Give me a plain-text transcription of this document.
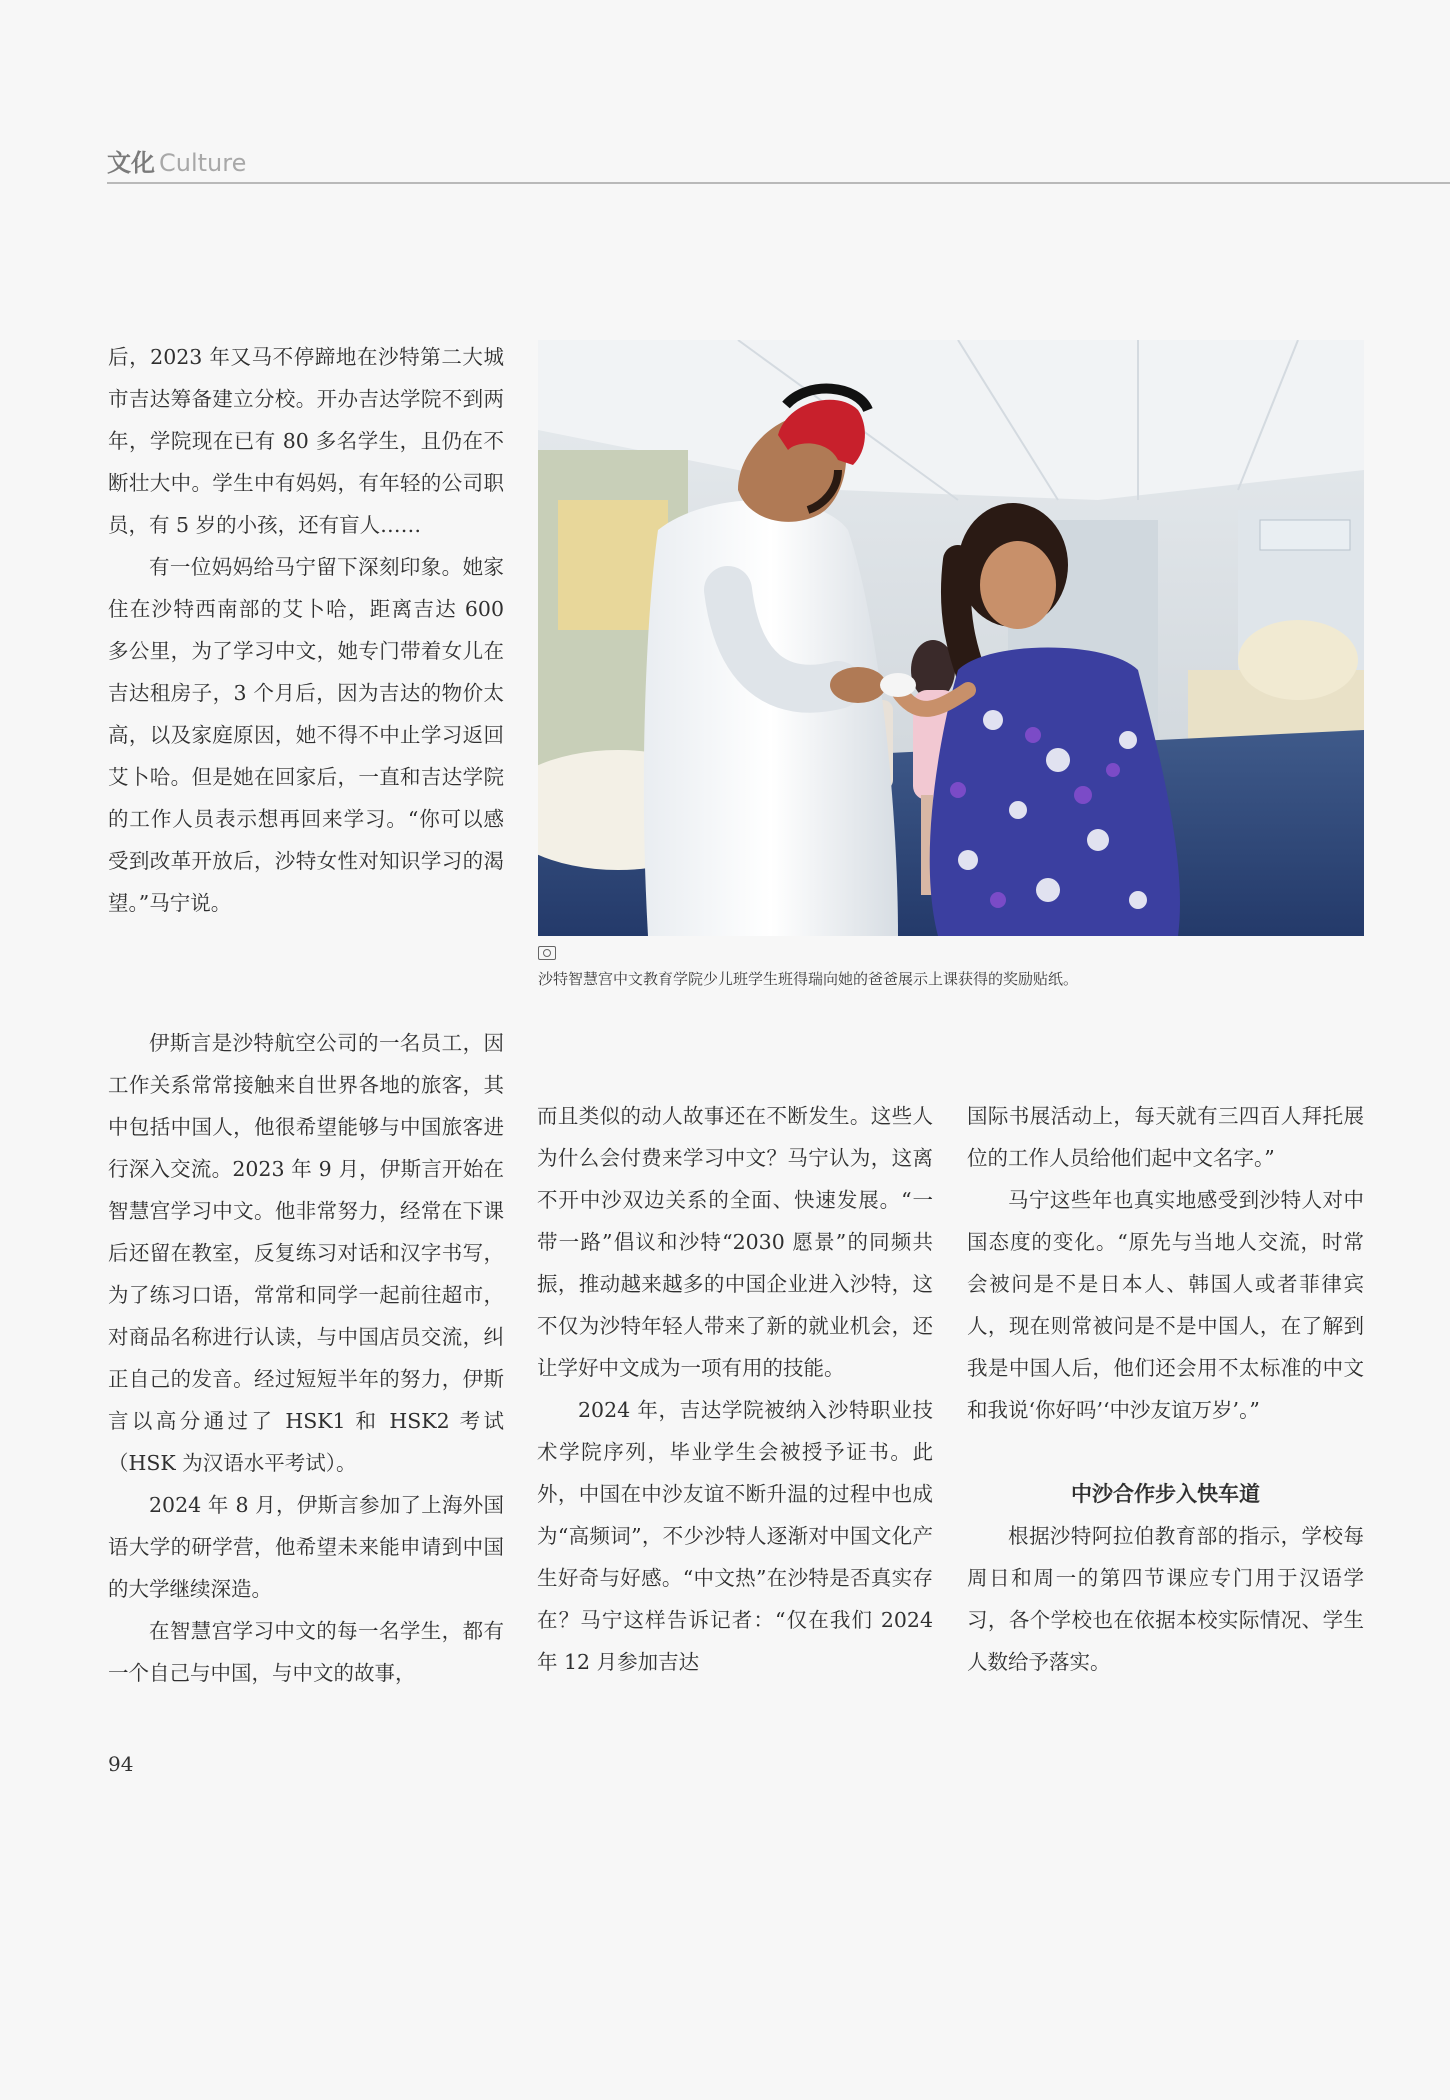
文化 Culture

后，2023 年又马不停蹄地在沙特第二大城市吉达筹备建立分校。开办吉达学院不到两年，学院现在已有 80 多名学生，且仍在不断壮大中。学生中有妈妈，有年轻的公司职员，有 5 岁的小孩，还有盲人……

有一位妈妈给马宁留下深刻印象。她家住在沙特西南部的艾卜哈，距离吉达 600 多公里，为了学习中文，她专门带着女儿在吉达租房子，3 个月后，因为吉达的物价太高，以及家庭原因，她不得不中止学习返回艾卜哈。但是她在回家后，一直和吉达学院的工作人员表示想再回来学习。“你可以感受到改革开放后，沙特女性对知识学习的渴望。”马宁说。

沙特智慧宫中文教育学院少儿班学生班得瑞向她的爸爸展示上课获得的奖励贴纸。

伊斯言是沙特航空公司的一名员工，因工作关系常常接触来自世界各地的旅客，其中包括中国人，他很希望能够与中国旅客进行深入交流。2023 年 9 月，伊斯言开始在智慧宫学习中文。他非常努力，经常在下课后还留在教室，反复练习对话和汉字书写，为了练习口语，常常和同学一起前往超市，对商品名称进行认读，与中国店员交流，纠正自己的发音。经过短短半年的努力，伊斯言以高分通过了 HSK1 和 HSK2 考试（HSK 为汉语水平考试）。

2024 年 8 月，伊斯言参加了上海外国语大学的研学营，他希望未来能申请到中国的大学继续深造。

在智慧宫学习中文的每一名学生，都有一个自己与中国，与中文的故事，

而且类似的动人故事还在不断发生。这些人为什么会付费来学习中文？马宁认为，这离不开中沙双边关系的全面、快速发展。“一带一路”倡议和沙特“2030 愿景”的同频共振，推动越来越多的中国企业进入沙特，这不仅为沙特年轻人带来了新的就业机会，还让学好中文成为一项有用的技能。

2024 年，吉达学院被纳入沙特职业技术学院序列，毕业学生会被授予证书。此外，中国在中沙友谊不断升温的过程中也成为“高频词”，不少沙特人逐渐对中国文化产生好奇与好感。“中文热”在沙特是否真实存在？马宁这样告诉记者：“仅在我们 2024 年 12 月参加吉达

国际书展活动上，每天就有三四百人拜托展位的工作人员给他们起中文名字。”

马宁这些年也真实地感受到沙特人对中国态度的变化。“原先与当地人交流，时常会被问是不是日本人、韩国人或者菲律宾人，现在则常被问是不是中国人，在了解到我是中国人后，他们还会用不太标准的中文和我说‘你好吗’‘中沙友谊万岁’。”

中沙合作步入快车道

根据沙特阿拉伯教育部的指示，学校每周日和周一的第四节课应专门用于汉语学习，各个学校也在依据本校实际情况、学生人数给予落实。

94
